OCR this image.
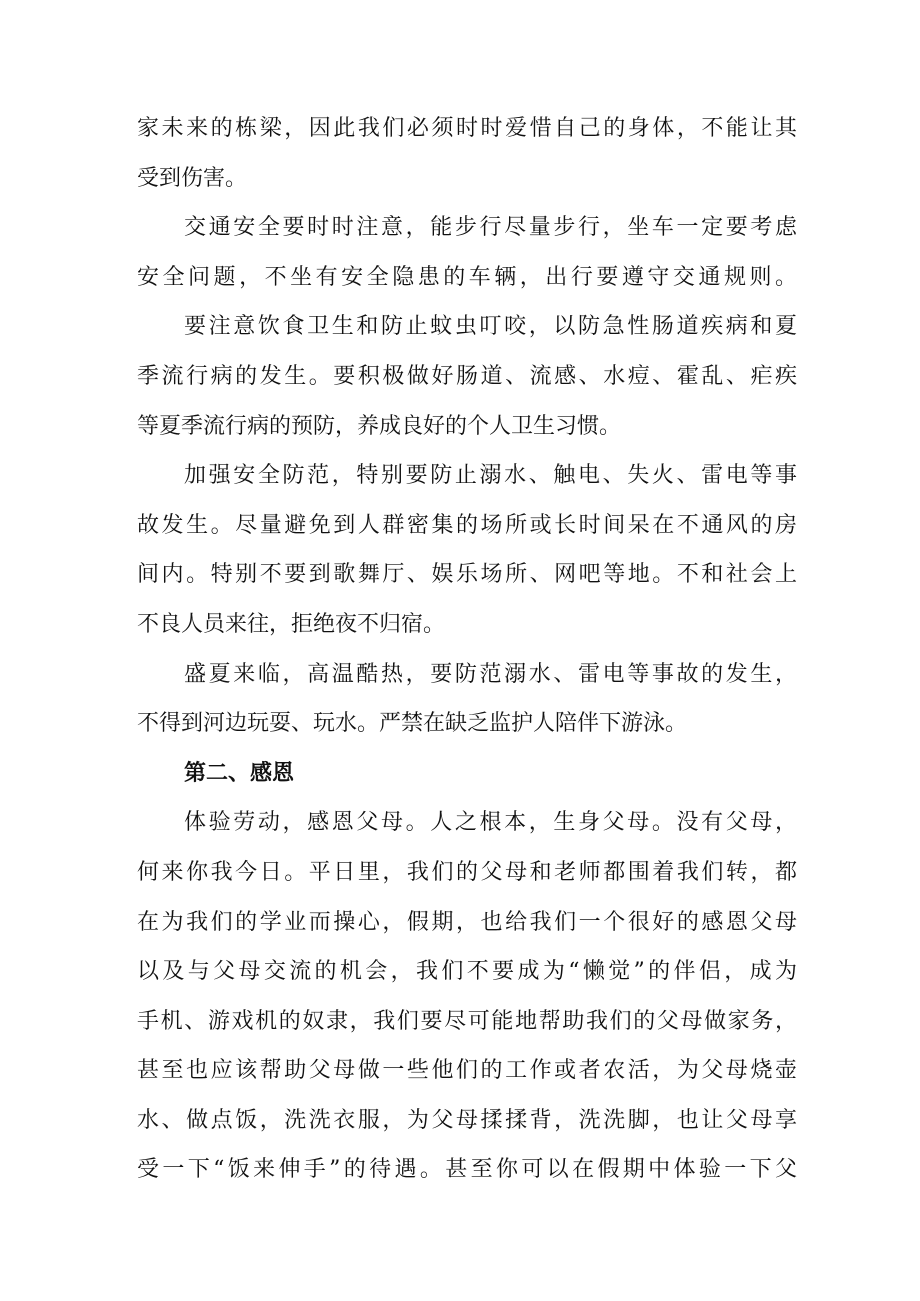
家未来的栋梁，因此我们必须时时爱惜自己的身体，不能让其
受到伤害。
交通安全要时时注意，能步行尽量步行，坐车一定要考虑
安全问题，不坐有安全隐患的车辆，出行要遵守交通规则。
要注意饮食卫生和防止蚊虫叮咬，以防急性肠道疾病和夏
季流行病的发生。要积极做好肠道、流感、水痘、霍乱、疟疾
等夏季流行病的预防，养成良好的个人卫生习惯。
加强安全防范，特别要防止溺水、触电、失火、雷电等事
故发生。尽量避免到人群密集的场所或长时间呆在不通风的房
间内。特别不要到歌舞厅、娱乐场所、网吧等地。不和社会上
不良人员来往，拒绝夜不归宿。
盛夏来临，高温酷热，要防范溺水、雷电等事故的发生，
不得到河边玩耍、玩水。严禁在缺乏监护人陪伴下游泳。
第二、感恩
体验劳动，感恩父母。人之根本，生身父母。没有父母，
何来你我今日。平日里，我们的父母和老师都围着我们转，都
在为我们的学业而操心，假期，也给我们一个很好的感恩父母
以及与父母交流的机会，我们不要成为“懒觉”的伴侣，成为
手机、游戏机的奴隶，我们要尽可能地帮助我们的父母做家务，
甚至也应该帮助父母做一些他们的工作或者农活，为父母烧壶
水、做点饭，洗洗衣服，为父母揉揉背，洗洗脚，也让父母享
受一下“饭来伸手”的待遇。甚至你可以在假期中体验一下父
